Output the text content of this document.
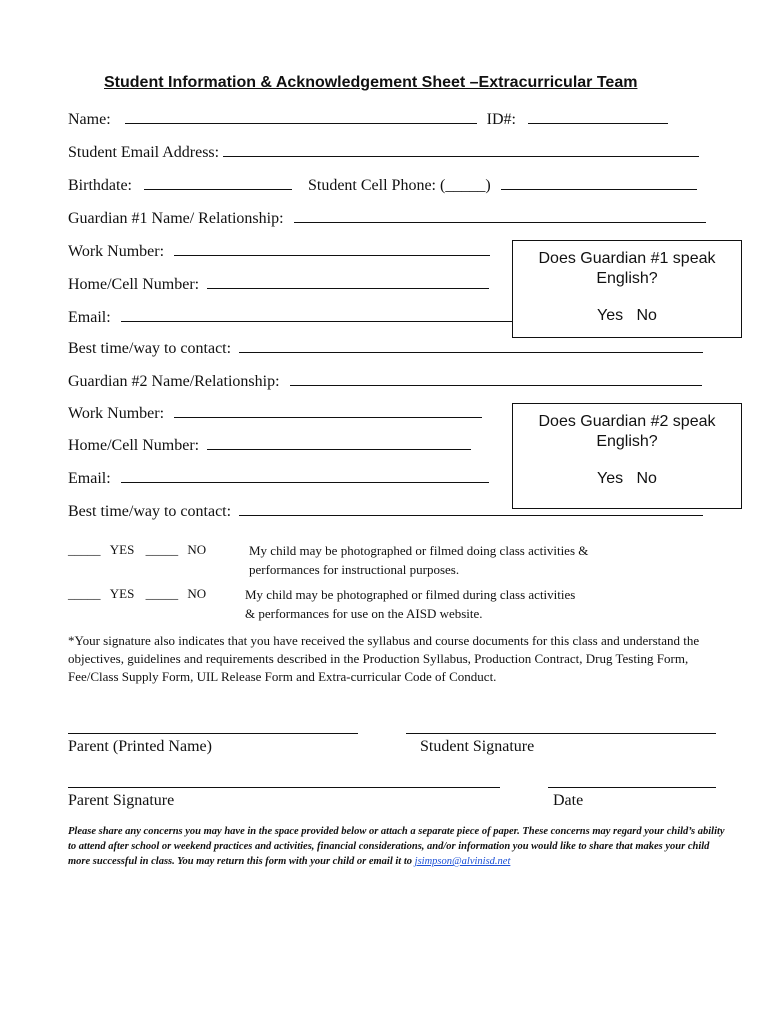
Student Information & Acknowledgement Sheet –Extracurricular Team
Name:	ID#:
Student Email Address:
Birthdate:	Student Cell Phone: (_____)
Guardian #1 Name/ Relationship:
Work Number:
Home/Cell Number:
Email:
Does Guardian #1 speak English?
Yes   No
Best time/way to contact:
Guardian #2 Name/Relationship:
Work Number:
Home/Cell Number:
Email:
Does Guardian #2 speak English?
Yes   No
Best time/way to contact:
_____ YES _____ NO	My child may be photographed or filmed doing class activities & performances for instructional purposes.
_____ YES _____ NO	My child may be photographed or filmed during class activities & performances for use on the AISD website.
*Your signature also indicates that you have received the syllabus and course documents for this class and understand the objectives, guidelines and requirements described in the Production Syllabus, Production Contract, Drug Testing Form, Fee/Class Supply Form, UIL Release Form and Extra-curricular Code of Conduct.
Parent (Printed Name)	Student Signature
Parent Signature	Date
Please share any concerns you may have in the space provided below or attach a separate piece of paper. These concerns may regard your child’s ability to attend after school or weekend practices and activities, financial considerations, and/or information you would like to share that makes your child more successful in class. You may return this form with your child or email it to jsimpson@alvinisd.net
